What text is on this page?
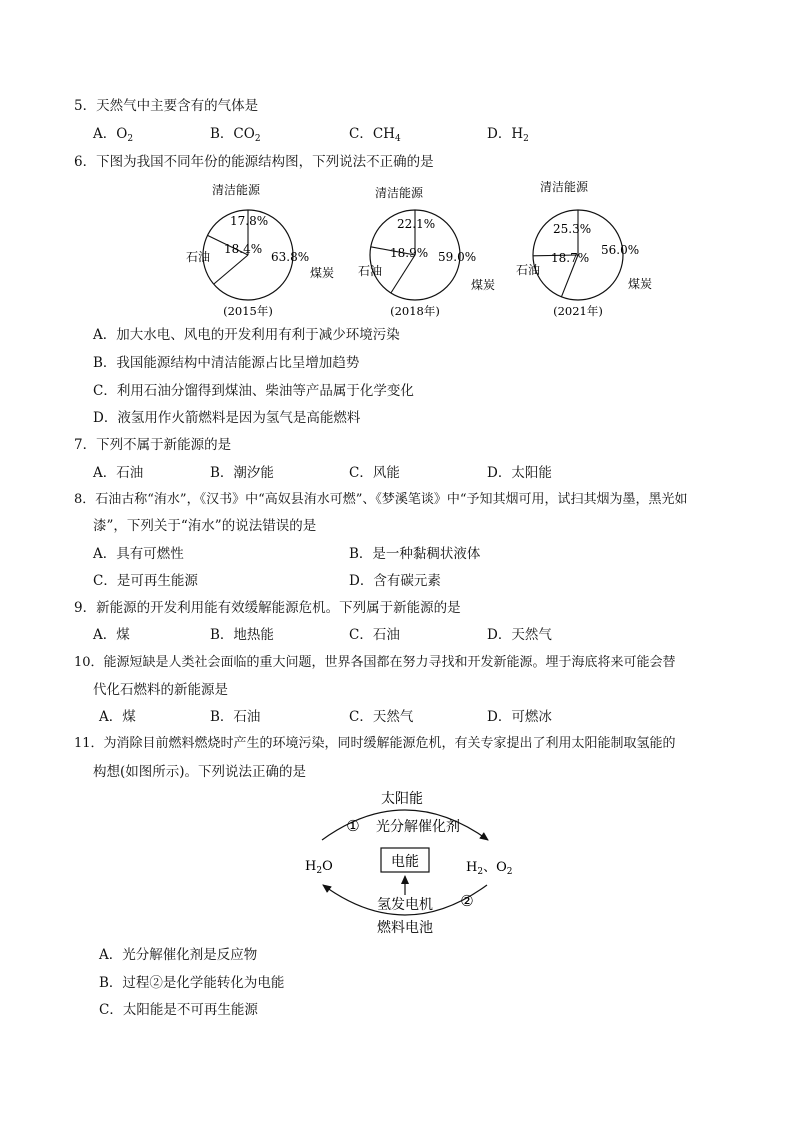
5．天然气中主要含有的气体是
A．$O_2$	B．$CO_2$	C．$CH_4$	D．$H_2$
6．下图为我国不同年份的能源结构图，下列说法不正确的是
17.8%
18.4%
63.8%
清洁能源
石油
煤炭
(2015年)
22.1%
18.9% 59.0%
清洁能源
石油
煤炭
(2018年)
25.3%
18.7%
56.0%
清洁能源
石油
煤炭
(2021年)
A．加大水电、风电的开发利用有利于减少环境污染
B．我国能源结构中清洁能源占比呈增加趋势
C．利用石油分馏得到煤油、柴油等产品属于化学变化
D．液氢用作火箭燃料是因为氢气是高能燃料
7．下列不属于新能源的是
A．石油	B．潮汐能	C．风能	D．太阳能
8．石油古称“洧水”，《汉书》中“高奴县洧水可燃”、《梦溪笔谈》中“予知其烟可用，试扫其烟为墨，黑光如
漆”，下列关于“洧水”的说法错误的是
A．具有可燃性	B．是一种黏稠状液体
C．是可再生能源	D．含有碳元素
9．新能源的开发利用能有效缓解能源危机。下列属于新能源的是
A．煤	B．地热能	C．石油	D．天然气
10．能源短缺是人类社会面临的重大问题，世界各国都在努力寻找和开发新能源。埋于海底将来可能会替
代化石燃料的新能源是
A．煤	B．石油	C．天然气	D．可燃冰
11．为消除目前燃料燃烧时产生的环境污染，同时缓解能源危机，有关专家提出了利用太阳能制取氢能的
构想(如图所示)。下列说法正确的是
太阳能
① 光分解催化剂
$H_2O$	电能	$H_2$、$O_2$
氢发电机 ②
燃料电池
A．光分解催化剂是反应物
B．过程②是化学能转化为电能
C．太阳能是不可再生能源
